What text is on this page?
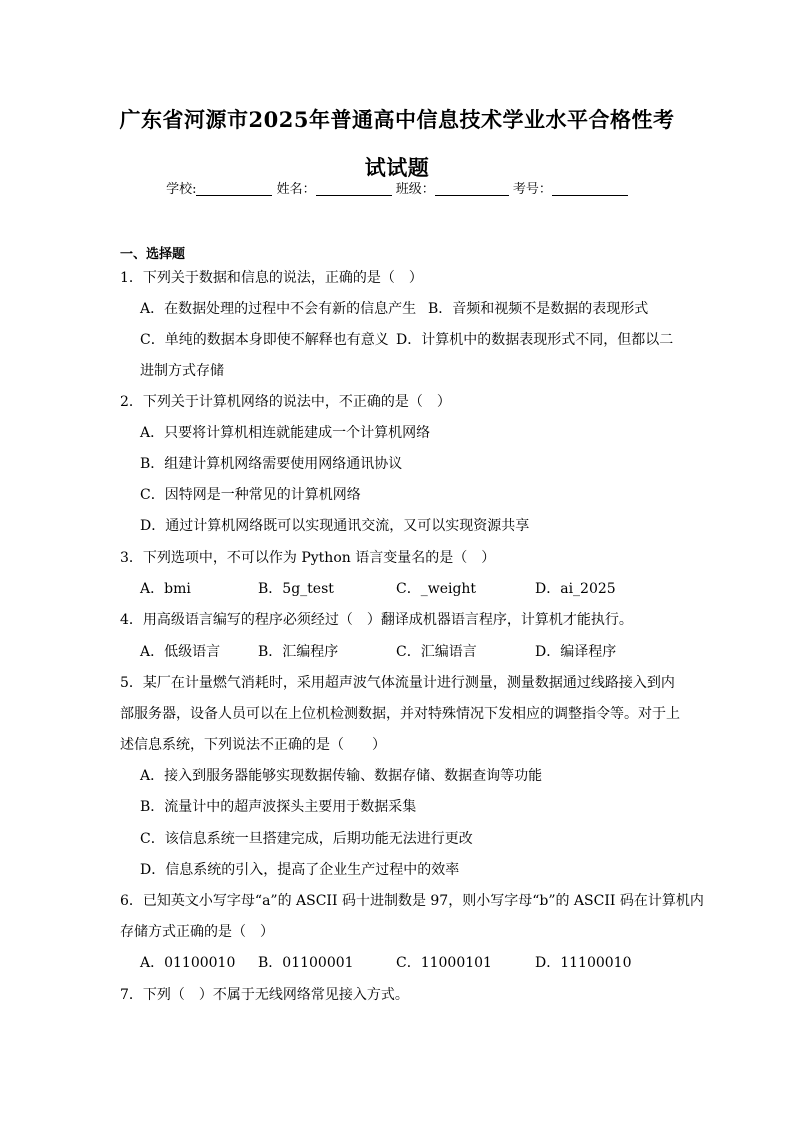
广东省河源市2025年普通高中信息技术学业水平合格性考试试题
学校:	姓名：	班级：	考号：
一、选择题
1．下列关于数据和信息的说法，正确的是（　）
A．在数据处理的过程中不会有新的信息产生 B．音频和视频不是数据的表现形式
C．单纯的数据本身即使不解释也有意义 D．计算机中的数据表现形式不同，但都以二
进制方式存储
2．下列关于计算机网络的说法中，不正确的是（　）
A．只要将计算机相连就能建成一个计算机网络
B．组建计算机网络需要使用网络通讯协议
C．因特网是一种常见的计算机网络
D．通过计算机网络既可以实现通讯交流，又可以实现资源共享
3．下列选项中，不可以作为 Python 语言变量名的是（　）
A．bmi	B．5g_test	C．_weight	D．ai_2025
4．用高级语言编写的程序必须经过（　）翻译成机器语言程序，计算机才能执行。
A．低级语言	B．汇编程序	C．汇编语言	D．编译程序
5．某厂在计量燃气消耗时，采用超声波气体流量计进行测量，测量数据通过线路接入到内
部服务器，设备人员可以在上位机检测数据，并对特殊情况下发相应的调整指令等。对于上
述信息系统，下列说法不正确的是（　　）
A．接入到服务器能够实现数据传输、数据存储、数据查询等功能
B．流量计中的超声波探头主要用于数据采集
C．该信息系统一旦搭建完成，后期功能无法进行更改
D．信息系统的引入，提高了企业生产过程中的效率
6．已知英文小写字母“a”的 ASCII 码十进制数是 97，则小写字母“b”的 ASCII 码在计算机内
存储方式正确的是（　）
A．01100010 B．01100001	C．11000101	D．11100010
7．下列（　）不属于无线网络常见接入方式。
